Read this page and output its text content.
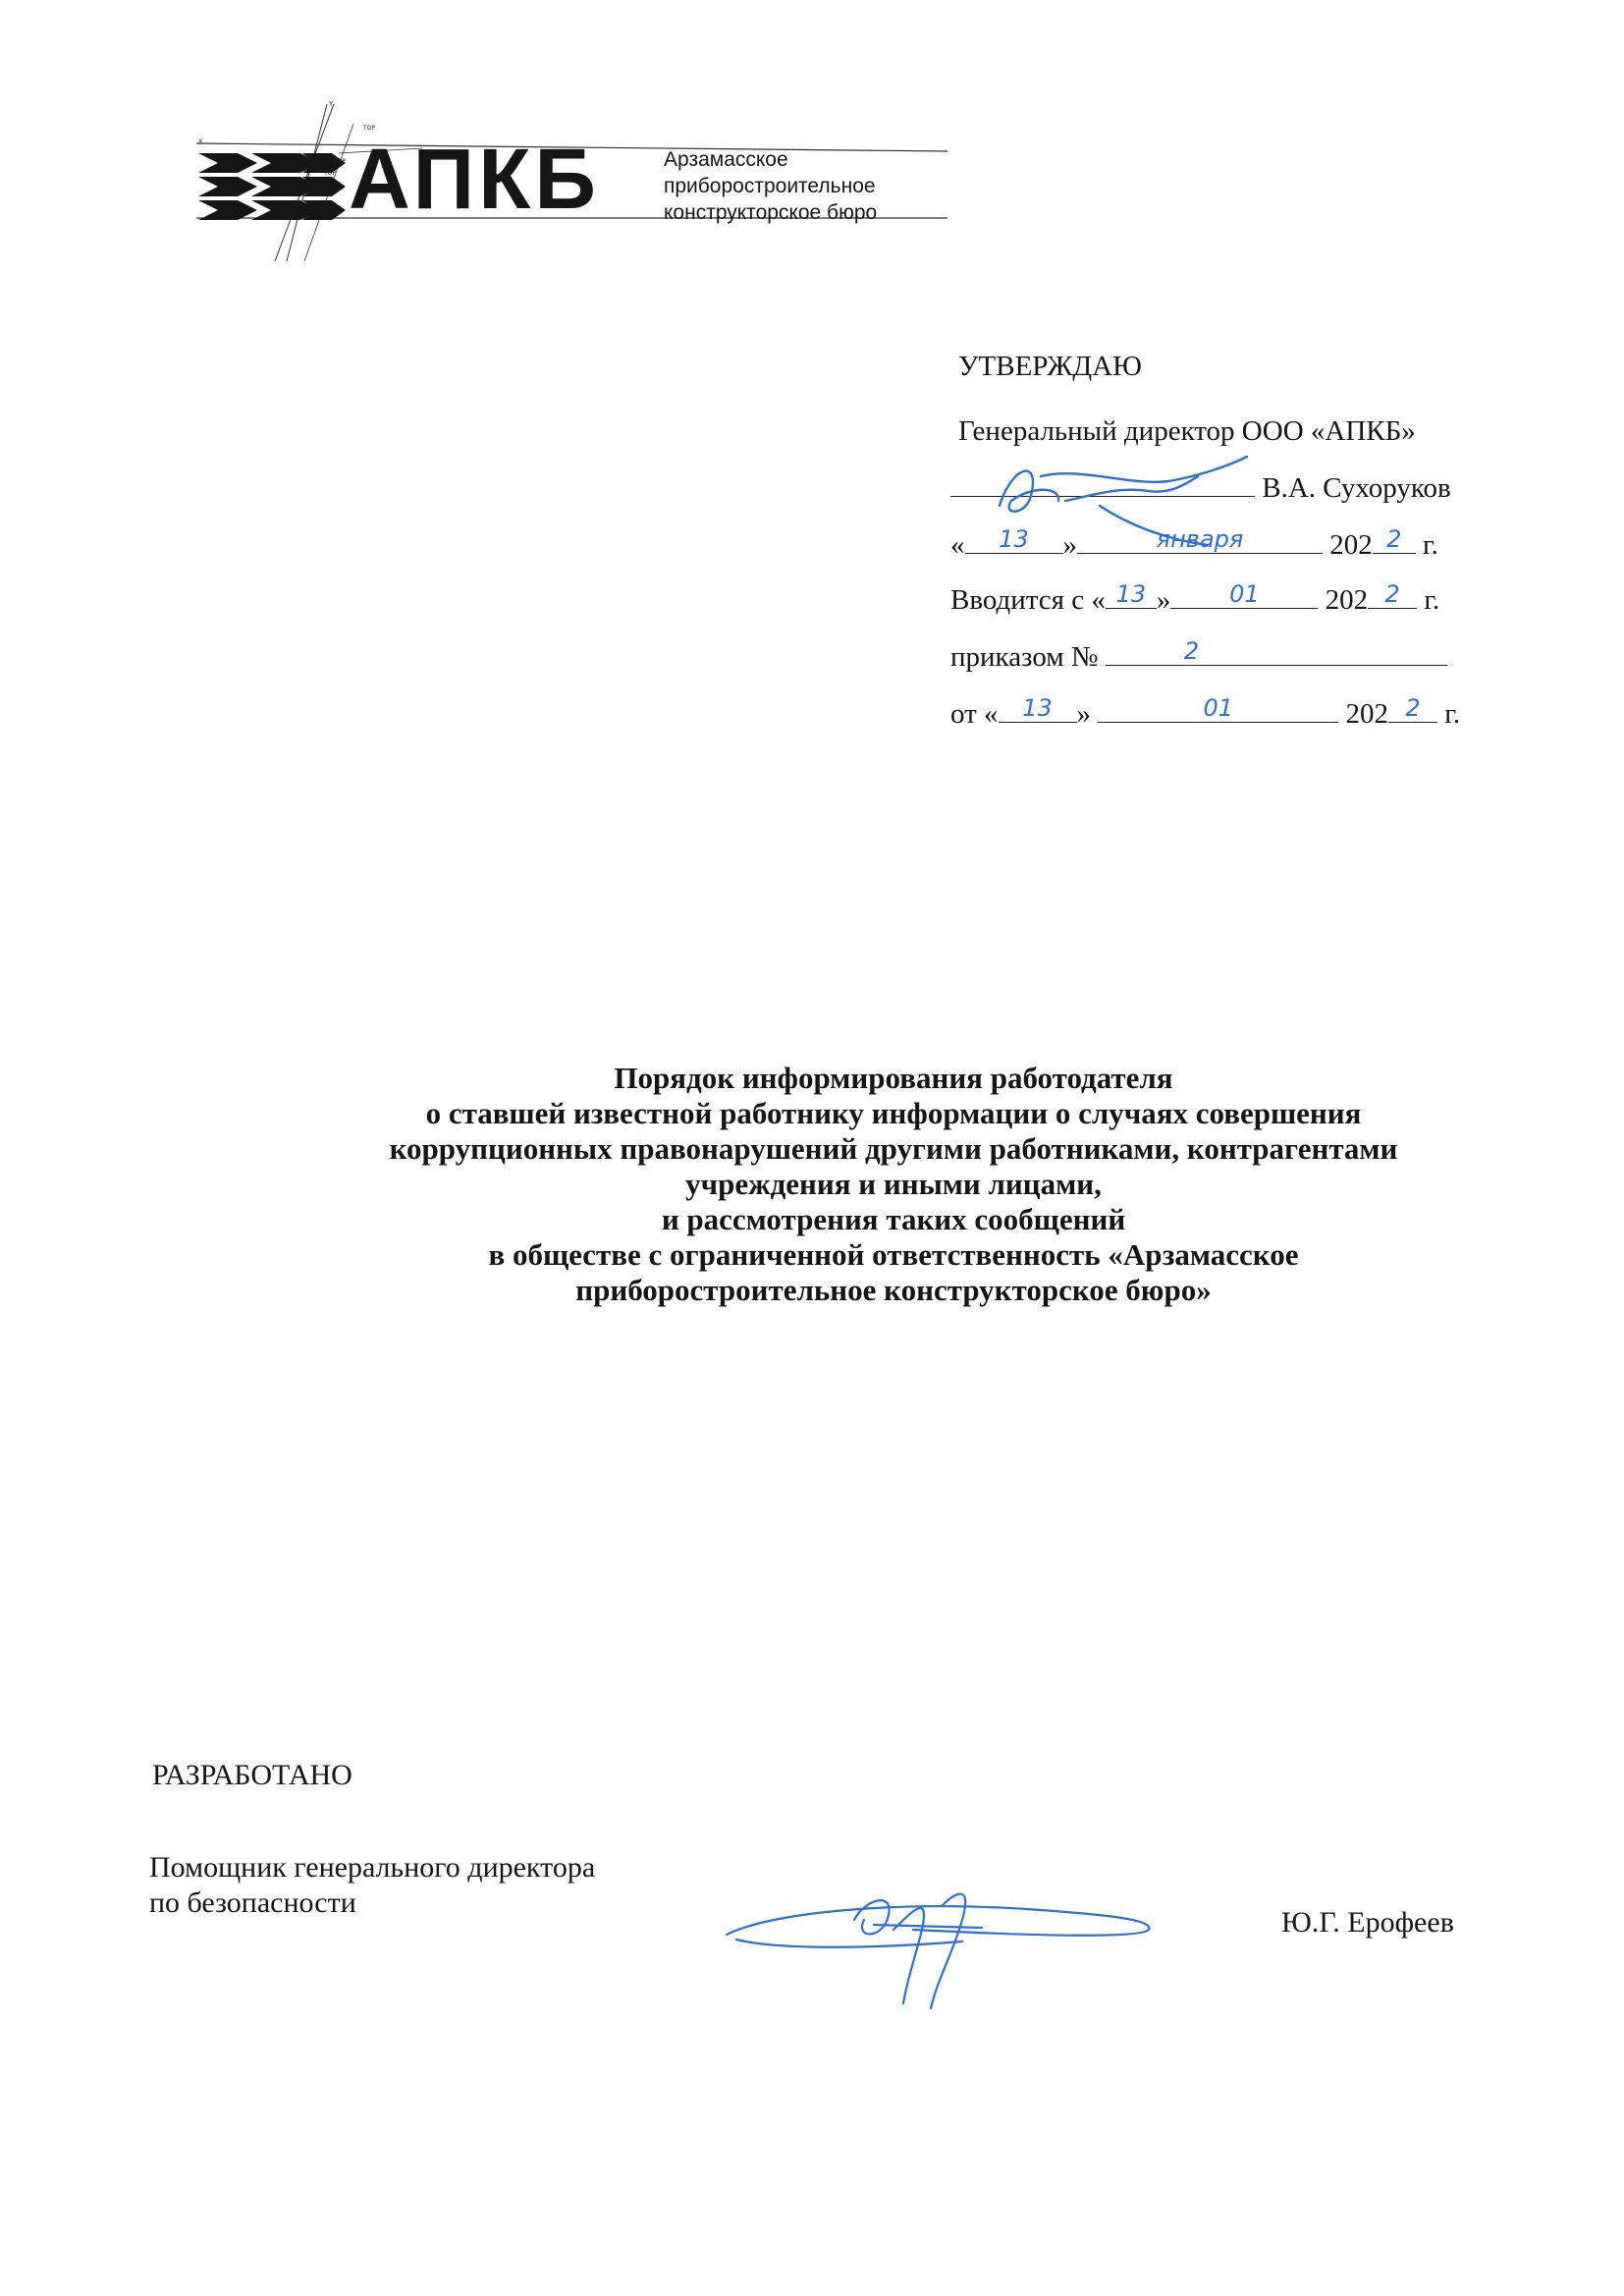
Y
TOP
X
TOP
TOP АПКБ	Арзамасское
приборостроительное
конструкторское бюро
УТВЕРЖДАЮ
Генеральный директор ООО «АПКБ»
В.А. Сухоруков
«	13	»	января	202 2 г.
Вводится с « 13 »	01	202 2 г.
приказом №	2
от «	13 »	01	202 2 г.
Порядок информирования работодателя
о ставшей известной работнику информации о случаях совершения
коррупционных правонарушений другими работниками, контрагентами
учреждения и иными лицами,
и рассмотрения таких сообщений
в обществе с ограниченной ответственность «Арзамасское
приборостроительное конструкторское бюро»
РАЗРАБОТАНО
Помощник генерального директора
по безопасности
Ю.Г. Ерофеев
